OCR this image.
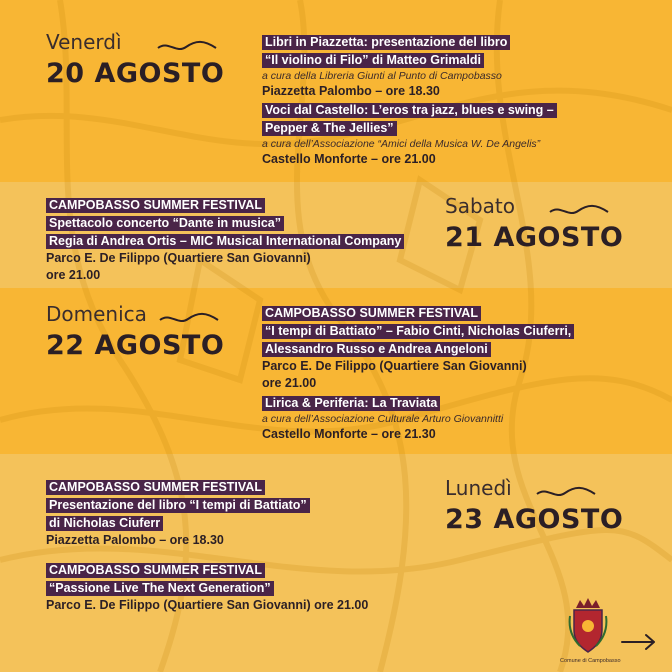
Venerdì
20 AGOSTO
Libri in Piazzetta: presentazione del libro
“Il violino di Filo” di Matteo Grimaldi
a cura della Libreria Giunti al Punto di Campobasso
Piazzetta Palombo – ore 18.30
Voci dal Castello: L’eros tra jazz, blues e swing –
Pepper & The Jellies”
a cura dell’Associazione “Amici della Musica W. De Angelis”
Castello Monforte – ore 21.00
CAMPOBASSO SUMMER FESTIVAL
Spettacolo concerto “Dante in musica”
Regia di Andrea Ortis – MIC Musical International Company
Parco E. De Filippo (Quartiere San Giovanni)
ore 21.00
Sabato
21 AGOSTO
Domenica
22 AGOSTO
CAMPOBASSO SUMMER FESTIVAL
“I tempi di Battiato” – Fabio Cinti, Nicholas Ciuferri,
Alessandro Russo e Andrea Angeloni
Parco E. De Filippo (Quartiere San Giovanni)
ore 21.00
Lirica & Periferia: La Traviata
a cura dell’Associazione Culturale Arturo Giovannitti
Castello Monforte – ore 21.30
CAMPOBASSO SUMMER FESTIVAL
Presentazione del libro “I tempi di Battiato”
di Nicholas Ciuferr
Piazzetta Palombo – ore 18.30
Lunedì
23 AGOSTO
CAMPOBASSO SUMMER FESTIVAL
“Passione Live The Next Generation”
Parco E. De Filippo (Quartiere San Giovanni) ore 21.00
Comune di Campobasso
